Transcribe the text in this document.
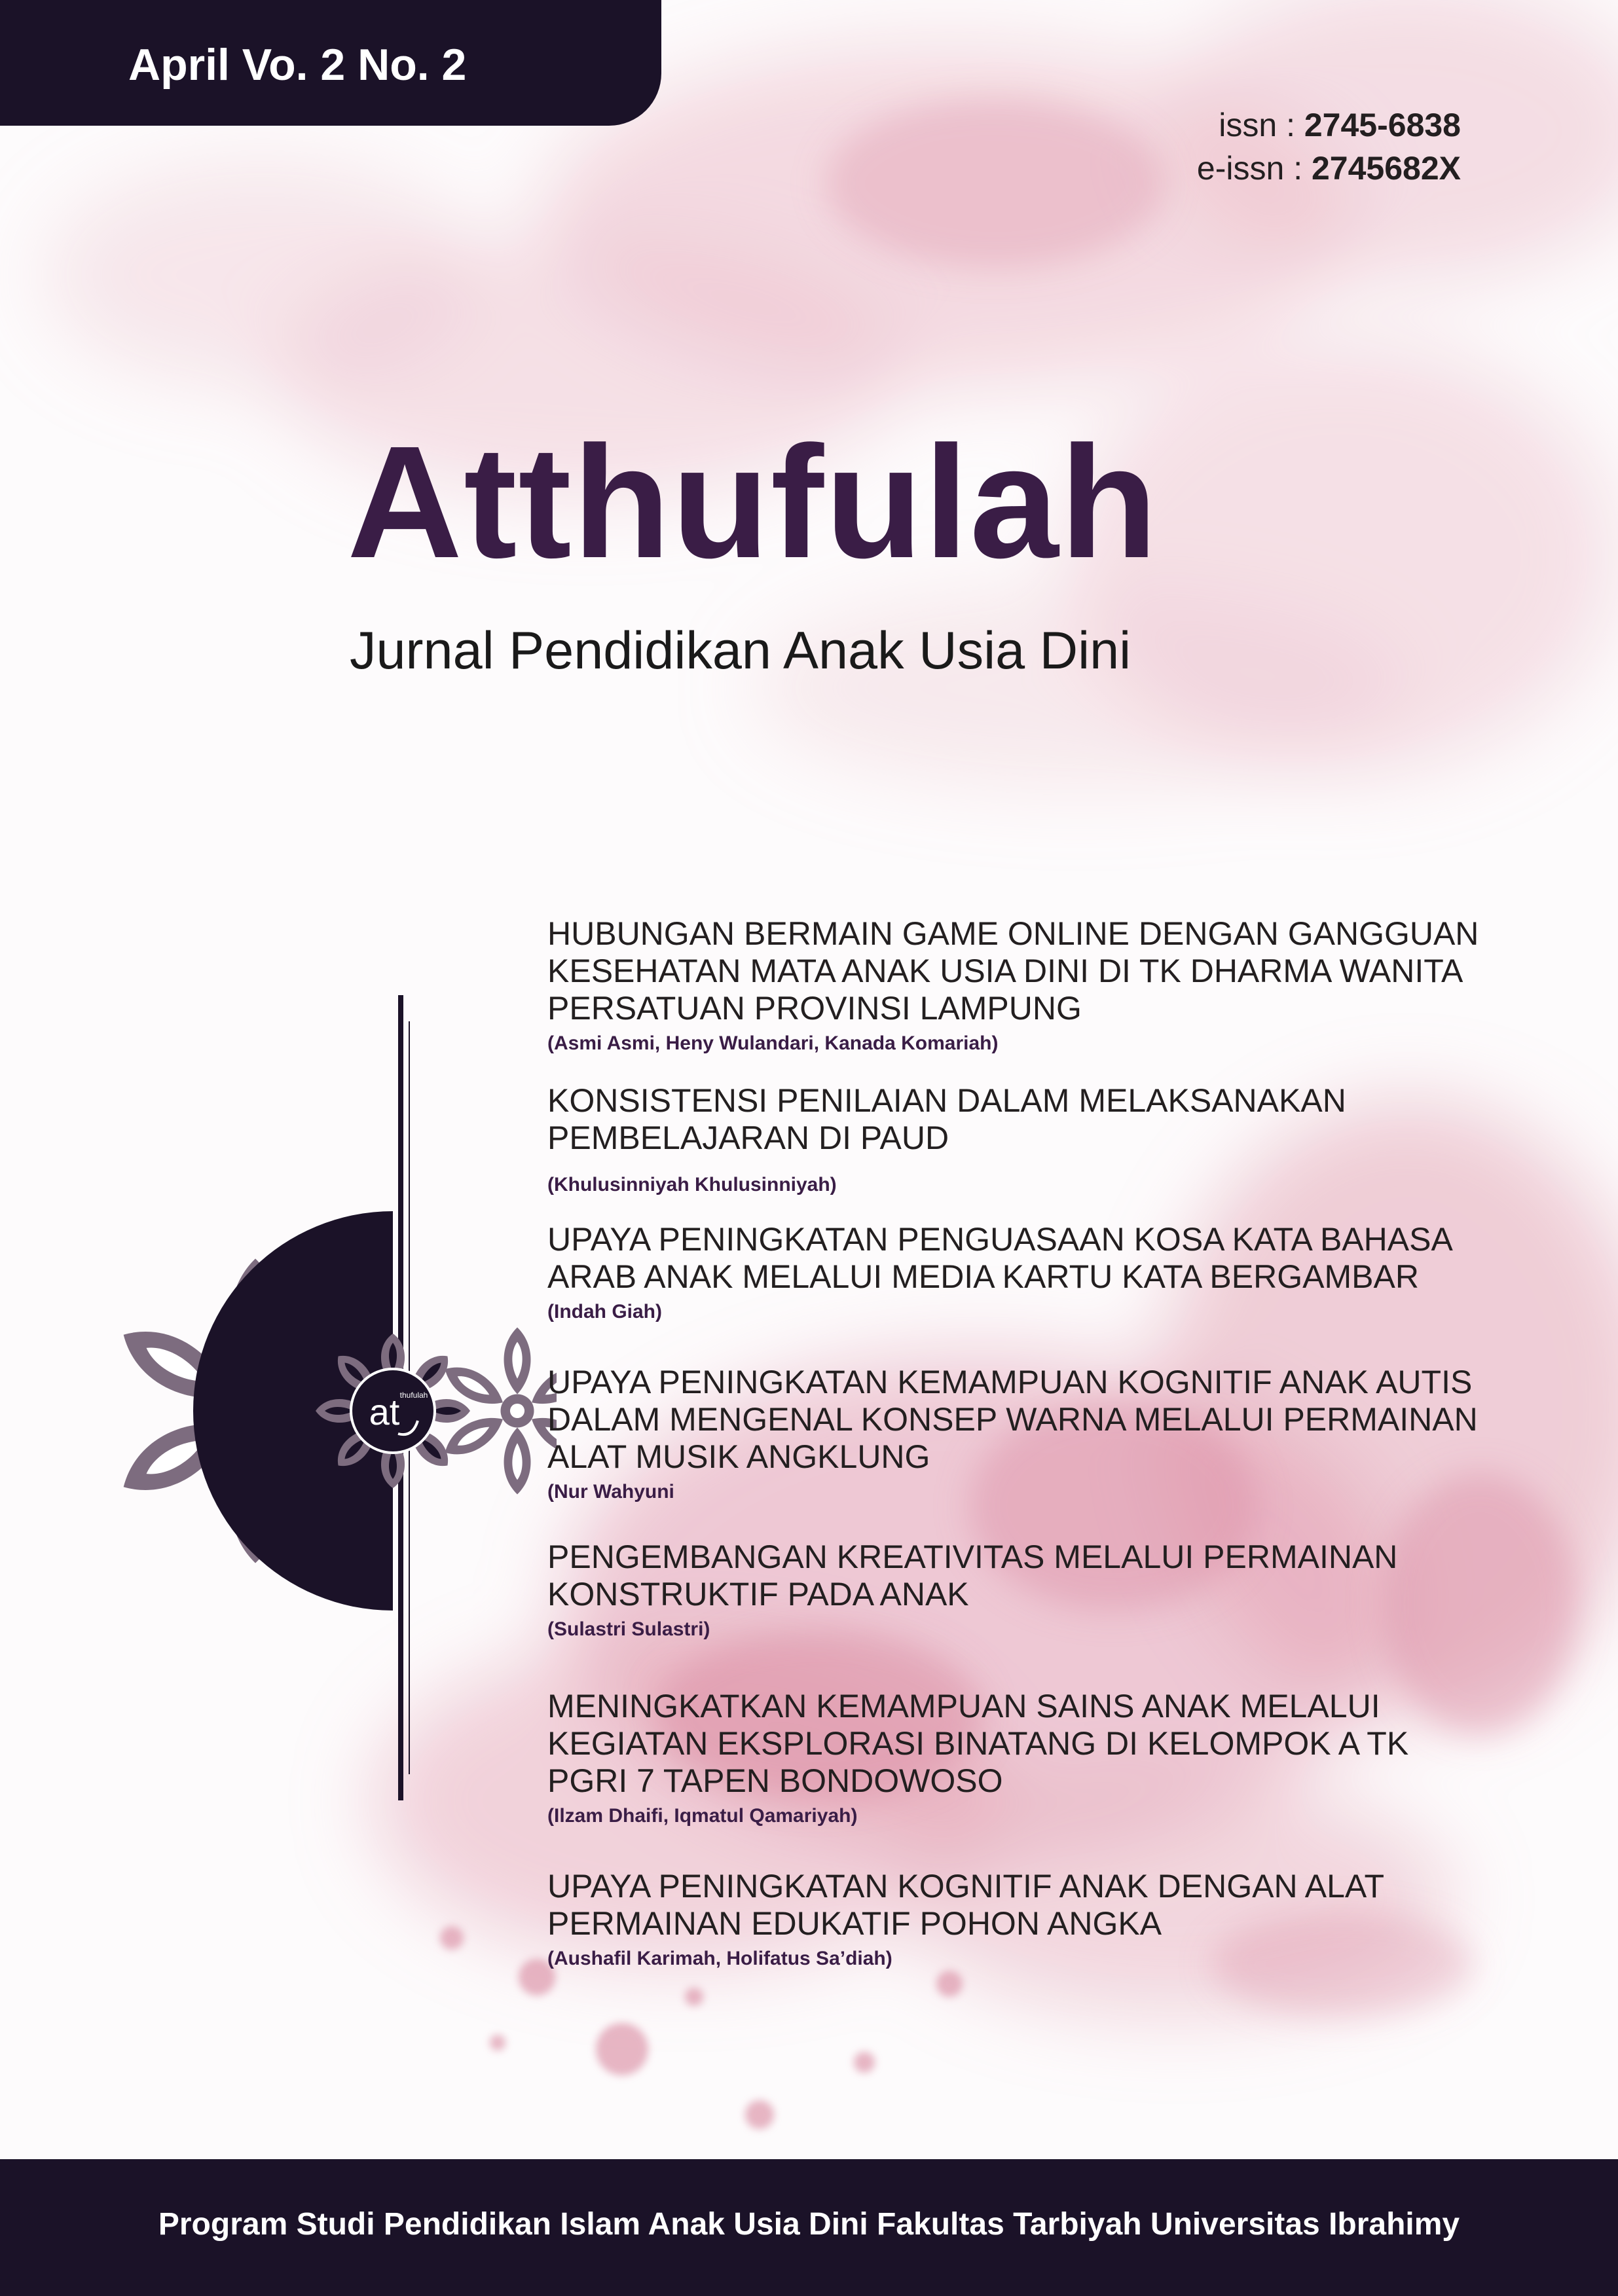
April Vo. 2 No. 2
issn : 2745-6838
e-issn : 2745682X
Atthufulah
Jurnal Pendidikan Anak Usia Dini
at thufulah
HUBUNGAN BERMAIN GAME ONLINE DENGAN GANGGUAN
KESEHATAN MATA ANAK USIA DINI DI TK DHARMA WANITA
PERSATUAN PROVINSI LAMPUNG
(Asmi Asmi, Heny Wulandari, Kanada Komariah)
KONSISTENSI PENILAIAN DALAM MELAKSANAKAN
PEMBELAJARAN DI PAUD
(Khulusinniyah Khulusinniyah)
UPAYA PENINGKATAN PENGUASAAN KOSA KATA BAHASA
ARAB ANAK MELALUI MEDIA KARTU KATA BERGAMBAR
(Indah Giah)
UPAYA PENINGKATAN KEMAMPUAN KOGNITIF ANAK AUTIS
DALAM MENGENAL KONSEP WARNA MELALUI PERMAINAN
ALAT MUSIK ANGKLUNG
(Nur Wahyuni
PENGEMBANGAN KREATIVITAS MELALUI PERMAINAN
KONSTRUKTIF PADA ANAK
(Sulastri Sulastri)
MENINGKATKAN KEMAMPUAN SAINS ANAK MELALUI
KEGIATAN EKSPLORASI BINATANG DI KELOMPOK A TK
PGRI 7 TAPEN BONDOWOSO
(Ilzam Dhaifi, Iqmatul Qamariyah)
UPAYA PENINGKATAN KOGNITIF ANAK DENGAN ALAT
PERMAINAN EDUKATIF POHON ANGKA
(Aushafil Karimah, Holifatus Sa’diah)
Program Studi Pendidikan Islam Anak Usia Dini Fakultas Tarbiyah Universitas Ibrahimy
